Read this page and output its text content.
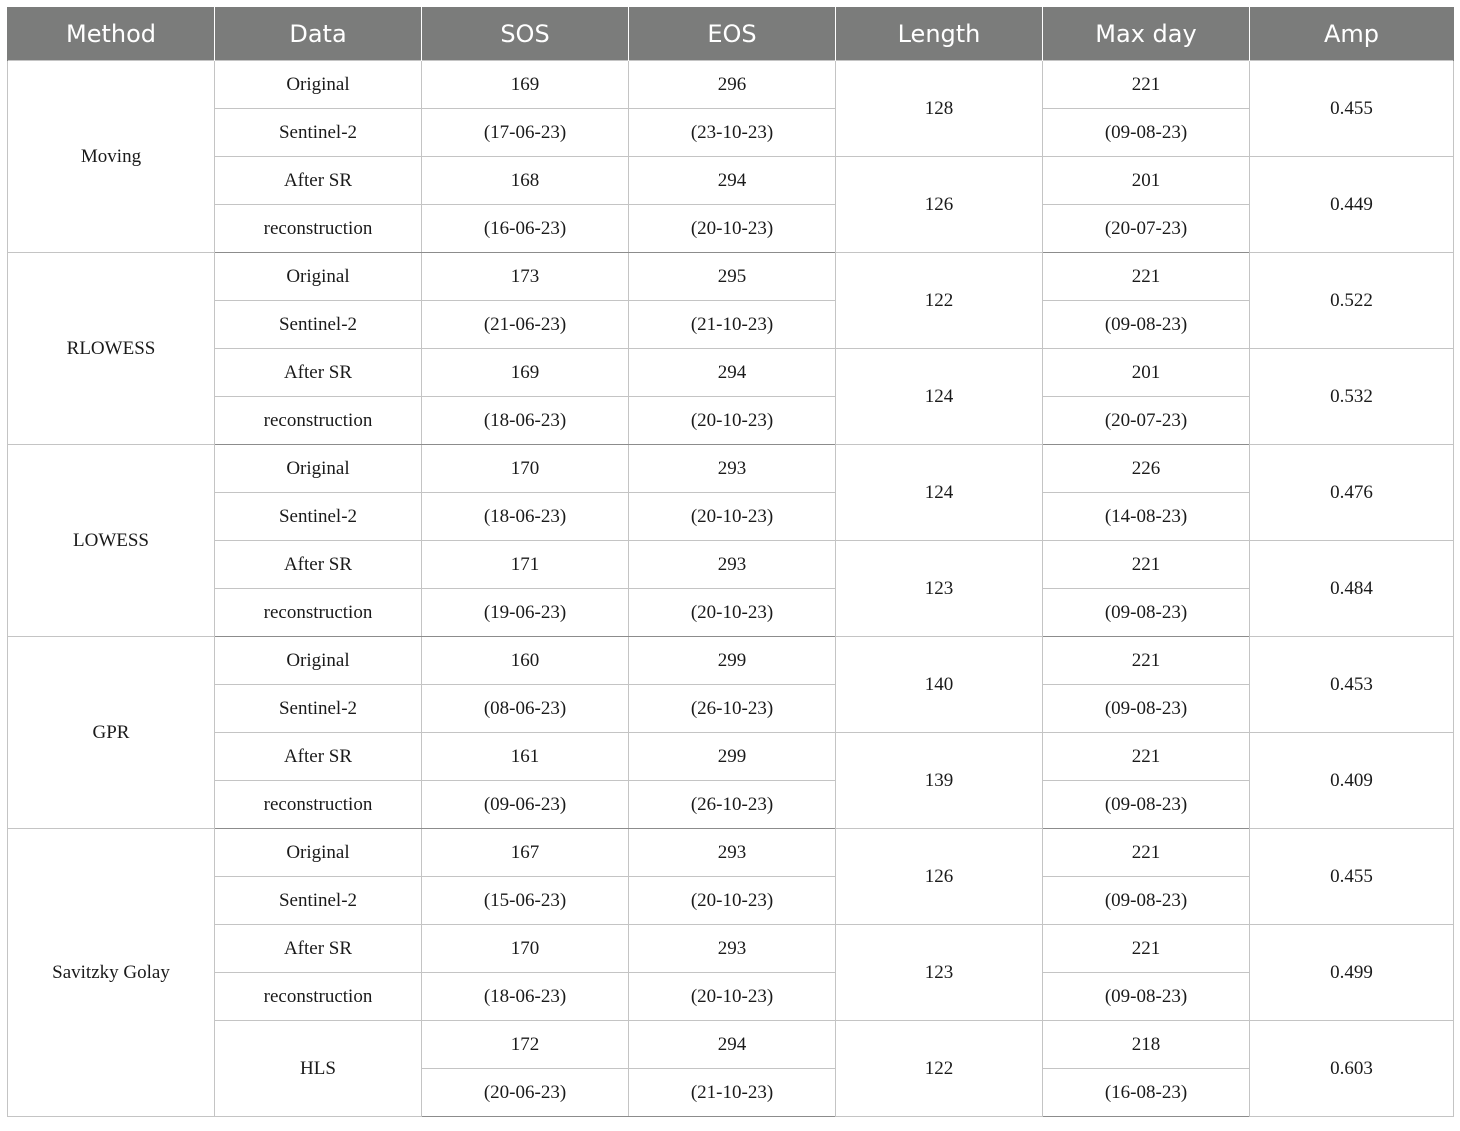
Method	Data	SOS	EOS	Length	Max day	Amp
Moving	Original	169	296	128	221	0.455
	Sentinel-2	(17-06-23)	(23-10-23)		(09-08-23)	
	After SR	168	294	126	201	0.449
	reconstruction	(16-06-23)	(20-10-23)		(20-07-23)	
RLOWESS	Original	173	295	122	221	0.522
	Sentinel-2	(21-06-23)	(21-10-23)		(09-08-23)	
	After SR	169	294	124	201	0.532
	reconstruction	(18-06-23)	(20-10-23)		(20-07-23)	
LOWESS	Original	170	293	124	226	0.476
	Sentinel-2	(18-06-23)	(20-10-23)		(14-08-23)	
	After SR	171	293	123	221	0.484
	reconstruction	(19-06-23)	(20-10-23)		(09-08-23)	
GPR	Original	160	299	140	221	0.453
	Sentinel-2	(08-06-23)	(26-10-23)		(09-08-23)	
	After SR	161	299	139	221	0.409
	reconstruction	(09-06-23)	(26-10-23)		(09-08-23)	
Savitzky Golay	Original	167	293	126	221	0.455
	Sentinel-2	(15-06-23)	(20-10-23)		(09-08-23)	
	After SR	170	293	123	221	0.499
	reconstruction	(18-06-23)	(20-10-23)		(09-08-23)	
	HLS	172	294	122	218	0.603
		(20-06-23)	(21-10-23)		(16-08-23)	
